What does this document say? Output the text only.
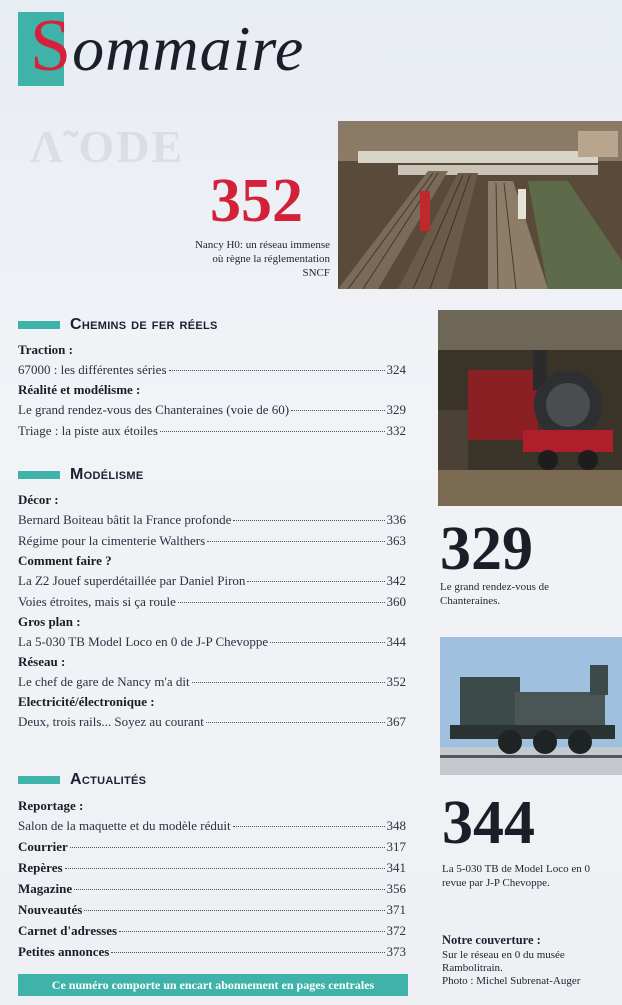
Λ̃ ODE
Sommaire
352
Nancy H0: un réseau immense où règne la réglementation SNCF
329
Le grand rendez-vous de Chanteraines.
344
La 5-030 TB de Model Loco en 0 revue par J-P Chevoppe.
Notre couverture :
Sur le réseau en 0 du musée Rambolitrain.
Photo : Michel Subrenat-Auger
Chemins de fer réels
Traction :
67000 : les différentes séries	324
Réalité et modélisme :
Le grand rendez-vous des Chanteraines (voie de 60)	329
Triage : la piste aux étoiles	332
Modélisme
Décor :
Bernard Boiteau bâtit la France profonde	336
Régime pour la cimenterie Walthers	363
Comment faire ?
La Z2 Jouef superdétaillée par Daniel Piron	342
Voies étroites, mais si ça roule	360
Gros plan :
La 5-030 TB Model Loco en 0 de J-P Chevoppe	344
Réseau :
Le chef de gare de Nancy m'a dit	352
Electricité/électronique :
Deux, trois rails... Soyez au courant	367
Actualités
Reportage :
Salon de la maquette et du modèle réduit	348
Courrier	317
Repères	341
Magazine	356
Nouveautés	371
Carnet d'adresses	372
Petites annonces	373
Ce numéro comporte un encart abonnement en pages centrales
